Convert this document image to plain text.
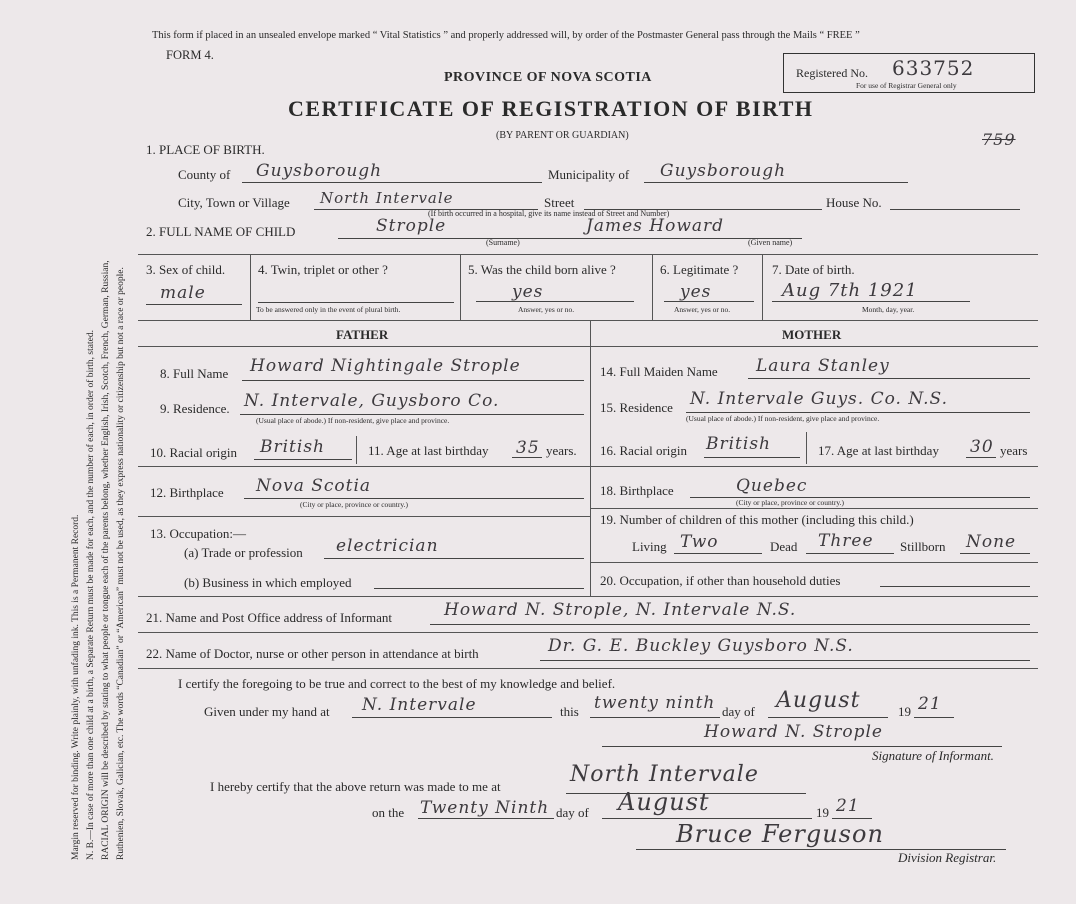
Margin reserved for binding. Write plainly, with unfading ink. This is a Permanent Record. N. B.—In case of more than one child at a birth, a Separate Return must be made for each, and the number of each, in order of birth, stated. RACIAL ORIGIN will be described by stating to what people or tongue each of the parents belong, whether English, Irish, Scotch, French, German, Russian, Ruthenien, Slovak, Galician, etc. The words “Canadian” or “American” must not be used, as they express nationality or citizenship but not a race or people.
This form if placed in an unsealed envelope marked “ Vital Statistics ” and properly addressed will, by order of the Postmaster General pass through the Mails “ FREE ”
FORM 4.
PROVINCE OF NOVA SCOTIA
CERTIFICATE OF REGISTRATION OF BIRTH
(BY PARENT OR GUARDIAN)
Registered No. 633752
For use of Registrar General only
759
1. PLACE OF BIRTH.
County of Guysborough	Municipality of Guysborough
City, Town or Village North Intervale	Street	House No.
(If birth occurred in a hospital, give its name instead of Street and Number)
2. FULL NAME OF CHILD	Strople	James Howard
(Surname)	(Given name)
3. Sex of child.
male
4. Twin, triplet or other ?
To be answered only in the event of plural birth.
5. Was the child born alive ?
yes
Answer, yes or no.
6. Legitimate ?
yes
Answer, yes or no.
7. Date of birth.
Aug 7th 1921
Month, day, year.
FATHER	MOTHER
8. Full Name Howard Nightingale Strople
9. Residence. N. Intervale, Guysboro Co.
(Usual place of abode.) If non-resident, give place and province.
10. Racial origin British	11. Age at last birthday 35 years.
12. Birthplace Nova Scotia
(City or place, province or country.)
13. Occupation:—
(a) Trade or profession electrician
(b) Business in which employed
14. Full Maiden Name Laura Stanley
15. Residence N. Intervale Guys. Co. N.S.
(Usual place of abode.) If non-resident, give place and province.
16. Racial origin British	17. Age at last birthday 30 years
18. Birthplace	Quebec
(City or place, province or country.)
19. Number of children of this mother (including this child.)
Living Two	Dead Three Stillborn None
20. Occupation, if other than household duties
21. Name and Post Office address of Informant	Howard N. Strople, N. Intervale N.S.
22. Name of Doctor, nurse or other person in attendance at birth	Dr. G. E. Buckley Guysboro N.S.
I certify the foregoing to be true and correct to the best of my knowledge and belief.
Given under my hand at N. Intervale	this twenty ninth day of August	19 21
Howard N. Strople
Signature of Informant.
I hereby certify that the above return was made to me at	North Intervale
on the Twenty Ninth day of August	19 21
Bruce Ferguson
Division Registrar.
